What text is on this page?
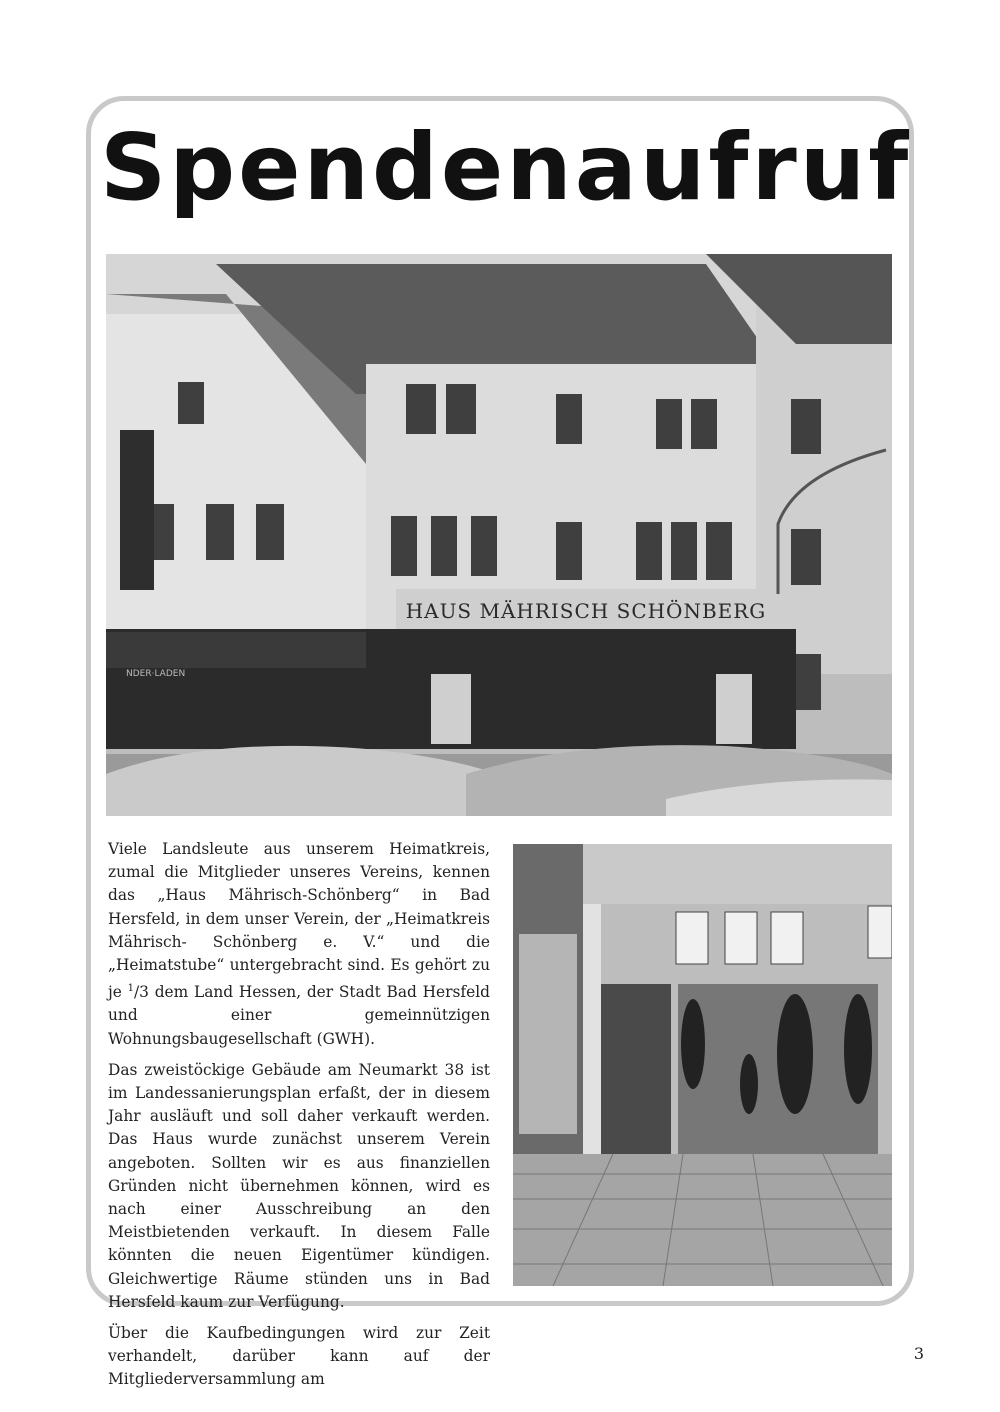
Spendenaufruf
HAUS MÄHRISCH SCHÖNBERG
NDER·LADEN

Viele Landsleute aus unserem Heimatkreis, zumal die Mitglieder unseres Vereins, kennen das „Haus Mährisch-Schönberg“ in Bad Hersfeld, in dem unser Verein, der „Heimatkreis Mährisch- Schönberg e. V.“ und die „Heimatstube“ untergebracht sind. Es gehört zu je $^1$/3 dem Land Hessen, der Stadt Bad Hersfeld und einer gemeinnützigen Wohnungsbaugesellschaft (GWH).

Das zweistöckige Gebäude am Neumarkt 38 ist im Landessanierungsplan erfaßt, der in diesem Jahr ausläuft und soll daher verkauft werden. Das Haus wurde zunächst unserem Verein angeboten. Sollten wir es aus finanziellen Gründen nicht übernehmen können, wird es nach einer Ausschreibung an den Meistbietenden verkauft. In diesem Falle könnten die neuen Eigentümer kündigen. Gleichwertige Räume stünden uns in Bad Hersfeld kaum zur Verfügung.

Über die Kaufbedingungen wird zur Zeit verhandelt, darüber kann auf der Mitgliederversammlung am

3
